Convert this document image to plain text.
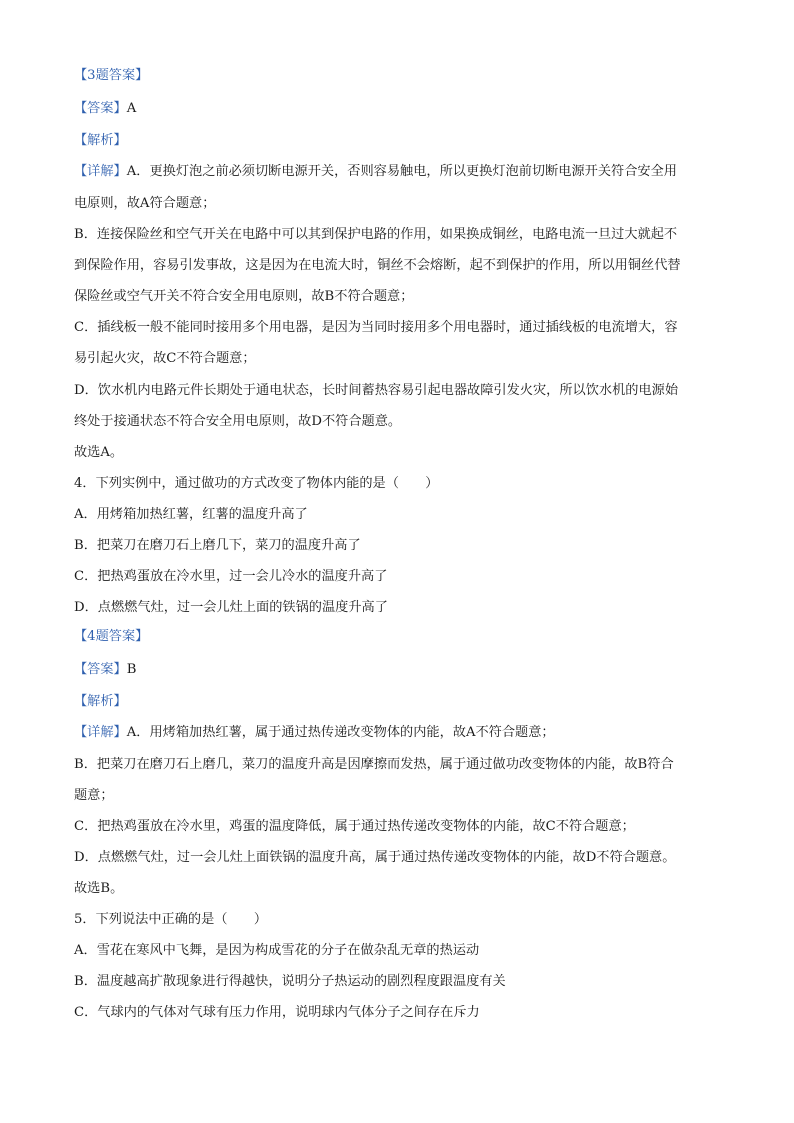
【3题答案】
【答案】A
【解析】
【详解】A．更换灯泡之前必须切断电源开关，否则容易触电，所以更换灯泡前切断电源开关符合安全用
电原则，故A符合题意；
B．连接保险丝和空气开关在电路中可以其到保护电路的作用，如果换成铜丝，电路电流一旦过大就起不
到保险作用，容易引发事故，这是因为在电流大时，铜丝不会熔断，起不到保护的作用，所以用铜丝代替
保险丝或空气开关不符合安全用电原则，故B不符合题意；
C．插线板一般不能同时接用多个用电器，是因为当同时接用多个用电器时，通过插线板的电流增大，容
易引起火灾，故C不符合题意；
D．饮水机内电路元件长期处于通电状态，长时间蓄热容易引起电器故障引发火灾，所以饮水机的电源始
终处于接通状态不符合安全用电原则，故D不符合题意。
故选A。
4．下列实例中，通过做功的方式改变了物体内能的是（　　）
A．用烤箱加热红薯，红薯的温度升高了
B．把菜刀在磨刀石上磨几下，菜刀的温度升高了
C．把热鸡蛋放在冷水里，过一会儿冷水的温度升高了
D．点燃燃气灶，过一会儿灶上面的铁锅的温度升高了
【4题答案】
【答案】B
【解析】
【详解】A．用烤箱加热红薯，属于通过热传递改变物体的内能，故A不符合题意；
B．把菜刀在磨刀石上磨几，菜刀的温度升高是因摩擦而发热，属于通过做功改变物体的内能，故B符合
题意；
C．把热鸡蛋放在冷水里，鸡蛋的温度降低，属于通过热传递改变物体的内能，故C不符合题意；
D．点燃燃气灶，过一会儿灶上面铁锅的温度升高，属于通过热传递改变物体的内能，故D不符合题意。
故选B。
5．下列说法中正确的是（　　）
A．雪花在寒风中飞舞，是因为构成雪花的分子在做杂乱无章的热运动
B．温度越高扩散现象进行得越快，说明分子热运动的剧烈程度跟温度有关
C．气球内的气体对气球有压力作用，说明球内气体分子之间存在斥力
